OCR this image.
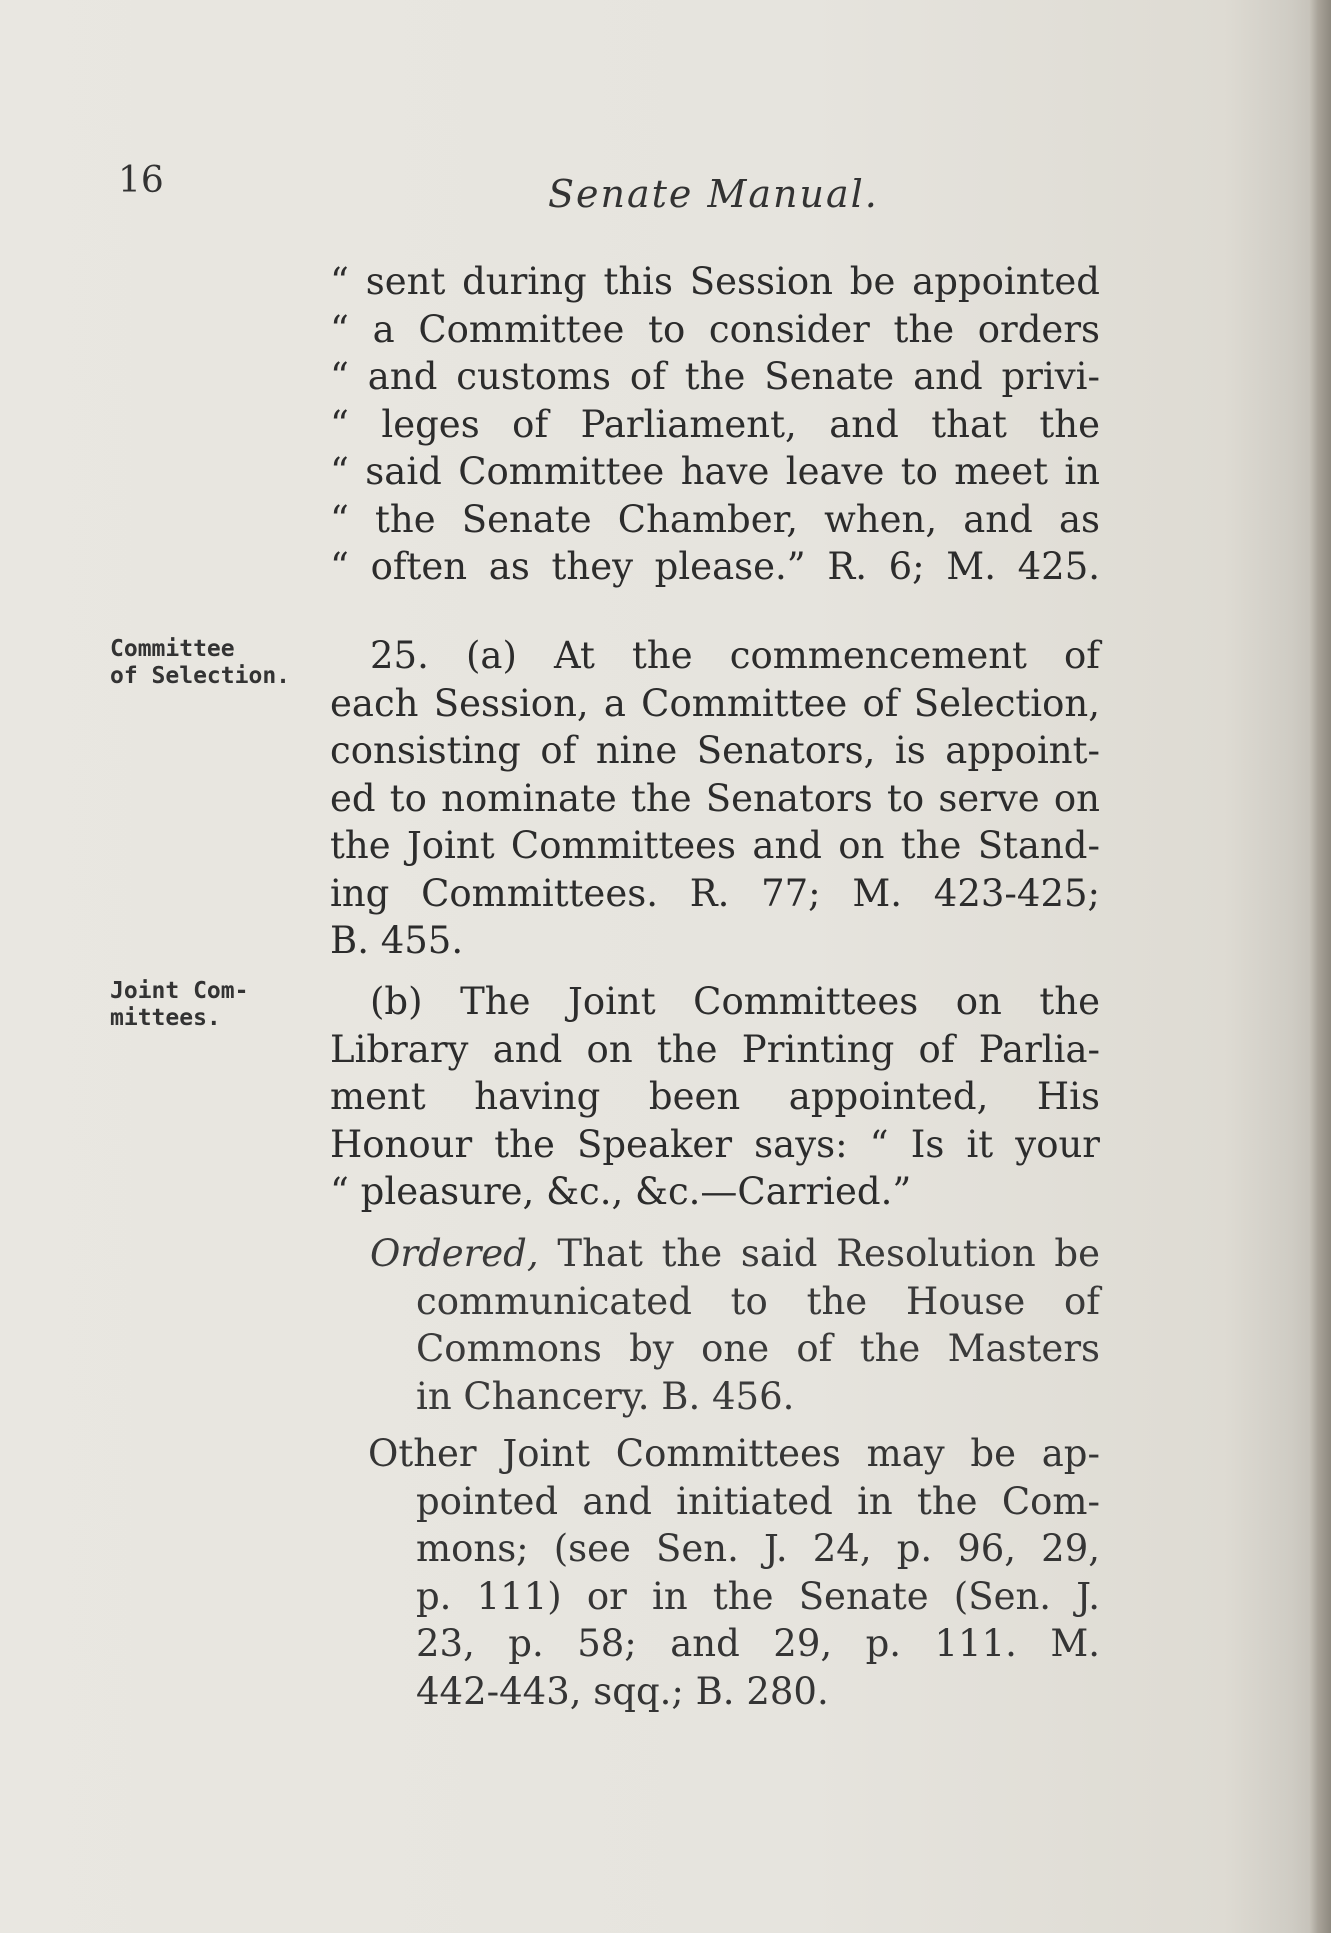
16	Senate Manual.
“ sent during this Session be appointed
“ a Committee to consider the orders
“ and customs of the Senate and privi-
“ leges of Parliament, and that the
“ said Committee have leave to meet in
“ the Senate Chamber, when, and as
“ often as they please.” R. 6; M. 425.
Committee
of Selection.	25. (a) At the commencement of
each Session, a Committee of Selection,
consisting of nine Senators, is appoint-
ed to nominate the Senators to serve on
the Joint Committees and on the Stand-
ing Committees. R. 77; M. 423-425;
B. 455.
Joint Com-
mittees.	(b) The Joint Committees on the
Library and on the Printing of Parlia-
ment having been appointed, His
Honour the Speaker says: “ Is it your
“ pleasure, &c., &c.—Carried.”
Ordered, That the said Resolution be
communicated to the House of
Commons by one of the Masters
in Chancery. B. 456.
Other Joint Committees may be ap-
pointed and initiated in the Com-
mons; (see Sen. J. 24, p. 96, 29,
p. 111) or in the Senate (Sen. J.
23, p. 58; and 29, p. 111. M.
442-443, sqq.; B. 280.
